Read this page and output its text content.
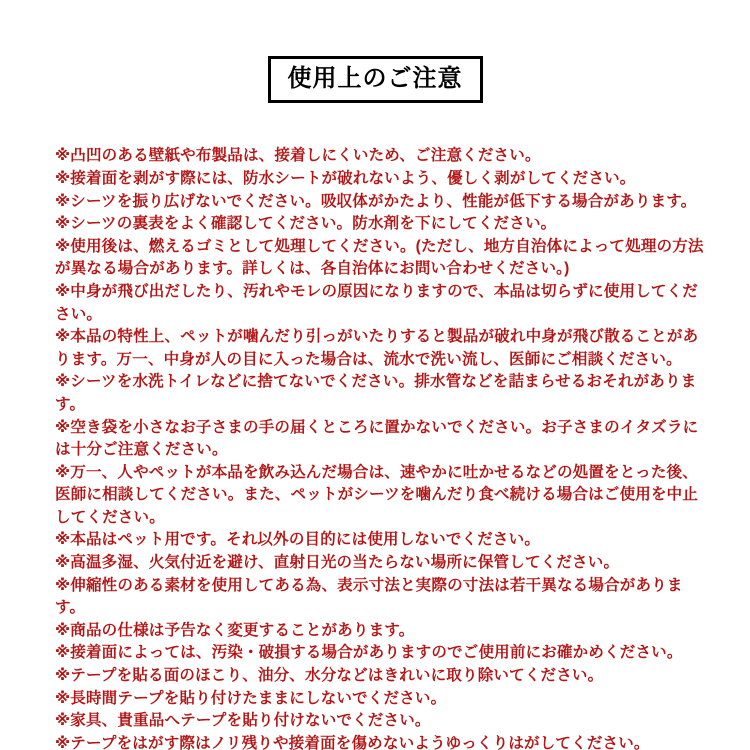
使用上のご注意

※凸凹のある壁紙や布製品は、接着しにくいため、ご注意ください。

※接着面を剥がす際には、防水シートが破れないよう、優しく剥がしてください。

※シーツを振り広げないでください。吸収体がかたより、性能が低下する場合があります。

※シーツの裏表をよく確認してください。防水剤を下にしてください。

※使用後は、燃えるゴミとして処理してください。(ただし、地方自治体によって処理の方法が異なる場合があります。詳しくは、各自治体にお問い合わせください。)

※中身が飛び出だしたり、汚れやモレの原因になりますので、本品は切らずに使用してください。

※本品の特性上、ペットが噛んだり引っがいたりすると製品が破れ中身が飛び散ることがあります。万一、中身が人の目に入った場合は、流水で洗い流し、医師にご相談ください。

※シーツを水洗トイレなどに捨てないでください。排水管などを詰まらせるおそれがあります。

※空き袋を小さなお子さまの手の届くところに置かないでください。お子さまのイタズラには十分ご注意ください。

※万一、人やペットが本品を飲み込んだ場合は、速やかに吐かせるなどの処置をとった後、医師に相談してください。また、ペットがシーツを噛んだり食べ続ける場合はご使用を中止してください。

※本品はペット用です。それ以外の目的には使用しないでください。

※高温多湿、火気付近を避け、直射日光の当たらない場所に保管してください。

※伸縮性のある素材を使用してある為、表示寸法と実際の寸法は若干異なる場合があります。

※商品の仕様は予告なく変更することがあります。

※接着面によっては、汚染・破損する場合がありますのでご使用前にお確かめください。

※テープを貼る面のほこり、油分、水分などはきれいに取り除いてください。

※長時間テープを貼り付けたままにしないでください。

※家具、貴重品へテープを貼り付けないでください。

※テープをはがす際はノリ残りや接着面を傷めないようゆっくりはがしてください。
